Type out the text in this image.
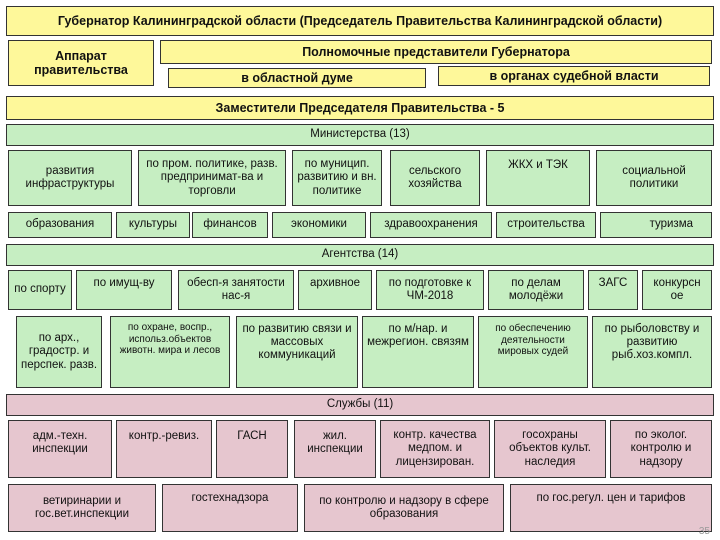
Губернатор Калининградской области (Председатель Правительства Калининградской области)
Аппарат правительства
Полномочные представители Губернатора
в областной думе	в органах судебной власти
Заместители Председателя Правительства - 5
Министерства (13)
развития инфраструктуры
по пром. политике, разв. предпринимат-ва и торговли
по муницип. развитию и вн. политике
сельского хозяйства
ЖКХ и ТЭК	социальной политики
образования	культуры финансов	экономики	здравоохранения	строительства	туризма
Агентства (14)
по спорту
по имущ-ву	обесп-я занятости нас-я
архивное	по подготовке к ЧМ-2018
по делам молодёжи
ЗАГС	конкурсн ое
по арх., градостр. и перспек. разв.
по охране, воспр., использ.объектов животн. мира и лесов
по развитию связи и массовых коммуникаций
по м/нар. и межрегион. связям
по обеспечению деятельности мировых судей
по рыболовству и развитию рыб.хоз.компл.
Службы (11)
адм.-техн. инспекции
контр.-ревиз.	ГАСН	жил. инспекции
контр. качества медпом. и лицензирован.
госохраны объектов культ. наследия
по эколог. контролю и надзору
ветиринарии и гос.вет.инспекции
гостехнадзора	по контролю и надзору в сфере образования
по гос.регул. цен и тарифов
35
